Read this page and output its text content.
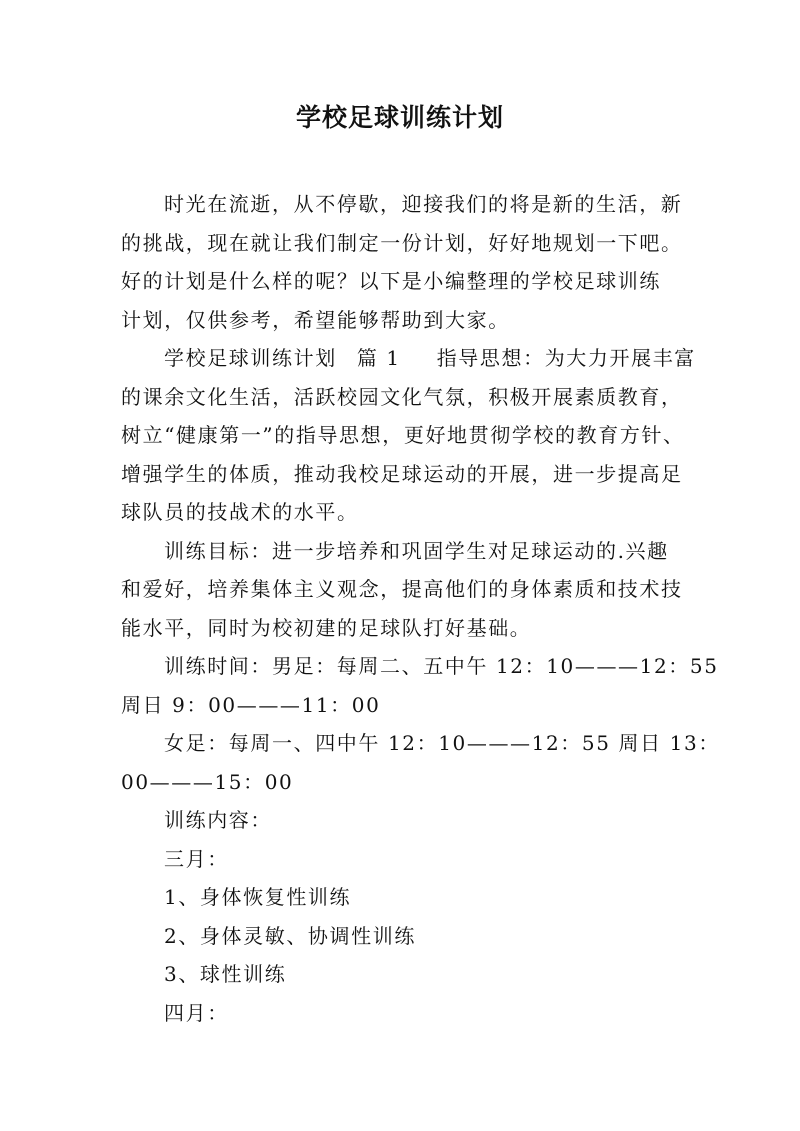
学校足球训练计划
时光在流逝，从不停歇，迎接我们的将是新的生活，新
的挑战，现在就让我们制定一份计划，好好地规划一下吧。
好的计划是什么样的呢？以下是小编整理的学校足球训练
计划，仅供参考，希望能够帮助到大家。
学校足球训练计划 篇 1 指导思想：为大力开展丰富
的课余文化生活，活跃校园文化气氛，积极开展素质教育，
树立“健康第一”的指导思想，更好地贯彻学校的教育方针、
增强学生的体质，推动我校足球运动的开展，进一步提高足
球队员的技战术的水平。
训练目标：进一步培养和巩固学生对足球运动的.兴趣
和爱好，培养集体主义观念，提高他们的身体素质和技术技
能水平，同时为校初建的足球队打好基础。
训练时间：男足：每周二、五中午 12：10———12：55
周日 9：00———11：00
女足：每周一、四中午 12：10———12：55 周日 13：
00———15：00
训练内容：
三月：
1、身体恢复性训练
2、身体灵敏、协调性训练
3、球性训练
四月：
